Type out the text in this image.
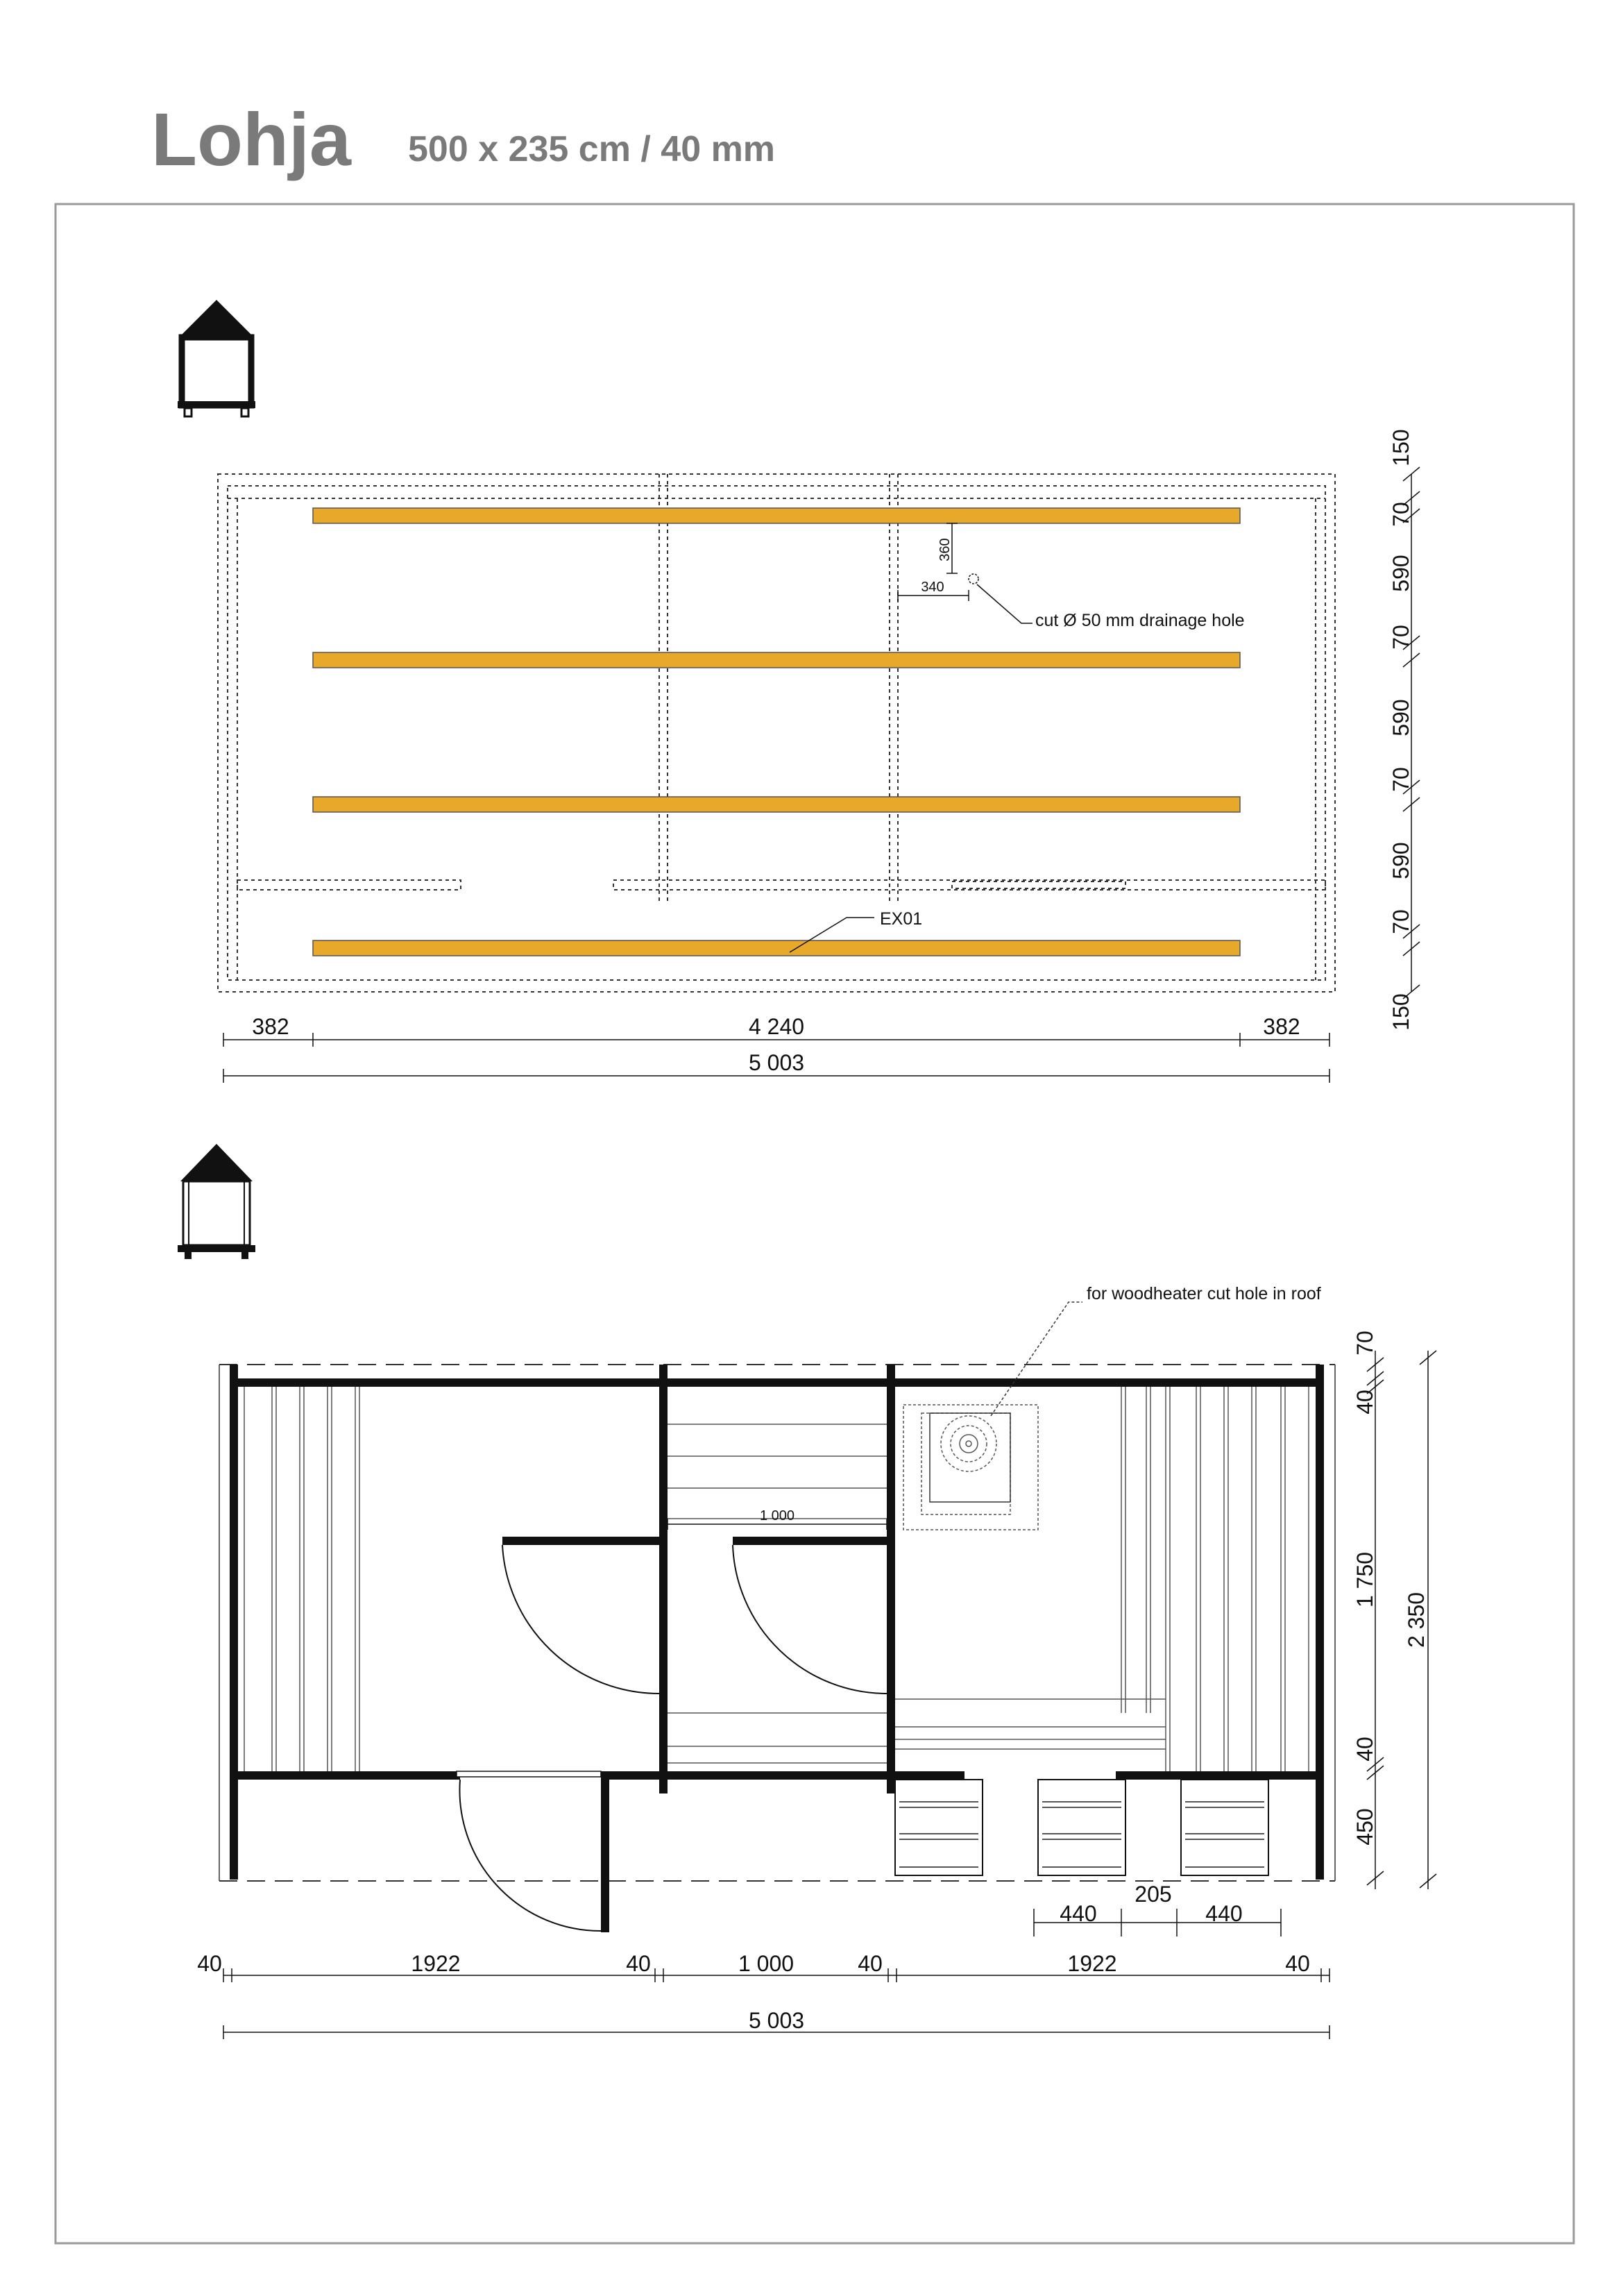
Lohja 500 x 235 cm / 40 mm
360
340
cut Ø 50 mm drainage hole
EX01
150
70
590
70
590
70
590
70
150
382	4 240	382
5 003
1 000
for woodheater cut hole in roof
70
40
1 750
40
450
2 350
440
205
440
40	1922	40	1 000	40	1922	40
5 003
